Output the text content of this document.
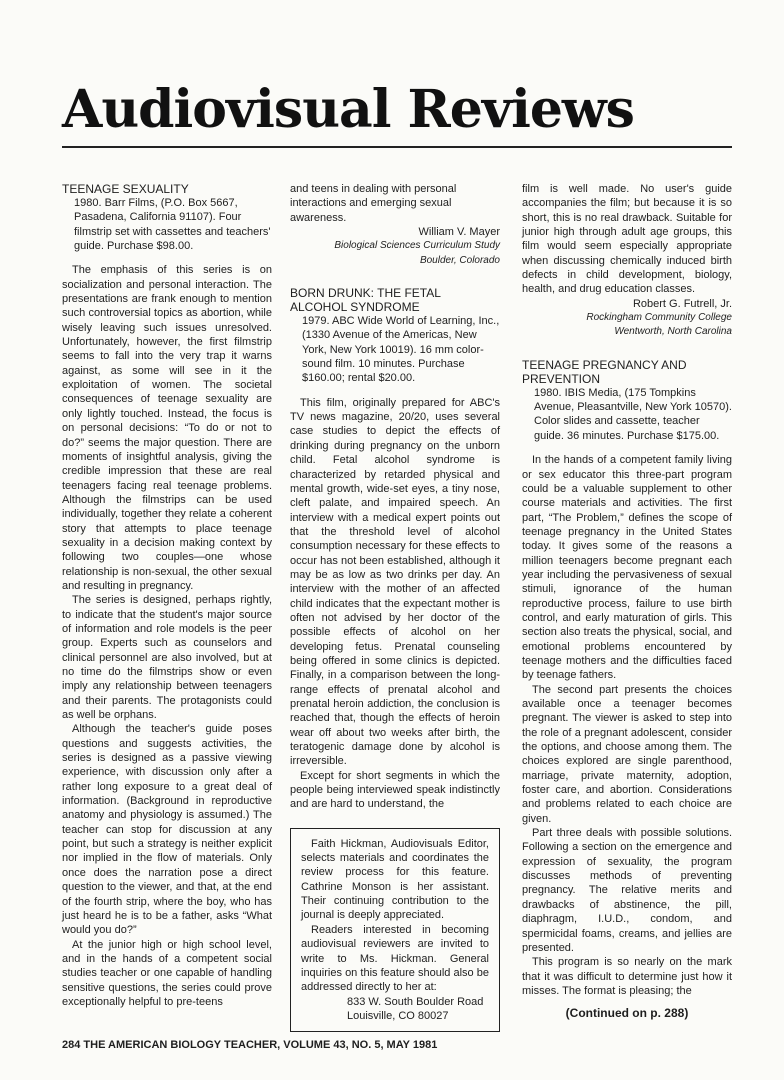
Audiovisual Reviews
TEENAGE SEXUALITY
1980. Barr Films, (P.O. Box 5667, Pasadena, California 91107). Four filmstrip set with cassettes and teachers' guide. Purchase $98.00.

The emphasis of this series is on socialization and personal interaction. The presentations are frank enough to mention such controversial topics as abortion, while wisely leaving such issues unresolved. Unfortunately, however, the first filmstrip seems to fall into the very trap it warns against, as some will see in it the exploitation of women. The societal consequences of teenage sexuality are only lightly touched. Instead, the focus is on personal decisions: “To do or not to do?” seems the major question. There are moments of insightful analysis, giving the credible impression that these are real teenagers facing real teenage problems. Although the filmstrips can be used individually, together they relate a coherent story that attempts to place teenage sexuality in a decision making context by following two couples—one whose relationship is non-sexual, the other sexual and resulting in pregnancy.

The series is designed, perhaps rightly, to indicate that the student's major source of information and role models is the peer group. Experts such as counselors and clinical personnel are also involved, but at no time do the filmstrips show or even imply any relationship between teenagers and their parents. The protagonists could as well be orphans.

Although the teacher's guide poses questions and suggests activities, the series is designed as a passive viewing experience, with discussion only after a rather long exposure to a great deal of information. (Background in reproductive anatomy and physiology is assumed.) The teacher can stop for discussion at any point, but such a strategy is neither explicit nor implied in the flow of materials. Only once does the narration pose a direct question to the viewer, and that, at the end of the fourth strip, where the boy, who has just heard he is to be a father, asks “What would you do?”

At the junior high or high school level, and in the hands of a competent social studies teacher or one capable of handling sensitive questions, the series could prove exceptionally helpful to pre-teens

and teens in dealing with personal interactions and emerging sexual awareness.
William V. Mayer
Biological Sciences Curriculum Study
Boulder, Colorado
BORN DRUNK: THE FETAL
ALCOHOL SYNDROME
1979. ABC Wide World of Learning, Inc., (1330 Avenue of the Americas, New York, New York 10019). 16 mm color-sound film. 10 minutes. Purchase $160.00; rental $20.00.

This film, originally prepared for ABC's TV news magazine, 20/20, uses several case studies to depict the effects of drinking during pregnancy on the unborn child. Fetal alcohol syndrome is characterized by retarded physical and mental growth, wide-set eyes, a tiny nose, cleft palate, and impaired speech. An interview with a medical expert points out that the threshold level of alcohol consumption necessary for these effects to occur has not been established, although it may be as low as two drinks per day. An interview with the mother of an affected child indicates that the expectant mother is often not advised by her doctor of the possible effects of alcohol on her developing fetus. Prenatal counseling being offered in some clinics is depicted. Finally, in a comparison between the long-range effects of prenatal alcohol and prenatal heroin addiction, the conclusion is reached that, though the effects of heroin wear off about two weeks after birth, the teratogenic damage done by alcohol is irreversible.

Except for short segments in which the people being interviewed speak indistinctly and are hard to understand, the

Faith Hickman, Audiovisuals Editor, selects materials and coordinates the review process for this feature. Cathrine Monson is her assistant. Their continuing contribution to the journal is deeply appreciated.

Readers interested in becoming audiovisual reviewers are invited to write to Ms. Hickman. General inquiries on this feature should also be addressed directly to her at:

833 W. South Boulder Road
Louisville, CO 80027
film is well made. No user's guide accompanies the film; but because it is so short, this is no real drawback. Suitable for junior high through adult age groups, this film would seem especially appropriate when discussing chemically induced birth defects in child development, biology, health, and drug education classes.
Robert G. Futrell, Jr.
Rockingham Community College
Wentworth, North Carolina
TEENAGE PREGNANCY AND
PREVENTION
1980. IBIS Media, (175 Tompkins Avenue, Pleasantville, New York 10570). Color slides and cassette, teacher guide. 36 minutes. Purchase $175.00.

In the hands of a competent family living or sex educator this three-part program could be a valuable supplement to other course materials and activities. The first part, “The Problem,” defines the scope of teenage pregnancy in the United States today. It gives some of the reasons a million teenagers become pregnant each year including the pervasiveness of sexual stimuli, ignorance of the human reproductive process, failure to use birth control, and early maturation of girls. This section also treats the physical, social, and emotional problems encountered by teenage mothers and the difficulties faced by teenage fathers.

The second part presents the choices available once a teenager becomes pregnant. The viewer is asked to step into the role of a pregnant adolescent, consider the options, and choose among them. The choices explored are single parenthood, marriage, private maternity, adoption, foster care, and abortion. Considerations and problems related to each choice are given.

Part three deals with possible solutions. Following a section on the emergence and expression of sexuality, the program discusses methods of preventing pregnancy. The relative merits and drawbacks of abstinence, the pill, diaphragm, I.U.D., condom, and spermicidal foams, creams, and jellies are presented.

This program is so nearly on the mark that it was difficult to determine just how it misses. The format is pleasing; the

(Continued on p. 288)
284 THE AMERICAN BIOLOGY TEACHER, VOLUME 43, NO. 5, MAY 1981
